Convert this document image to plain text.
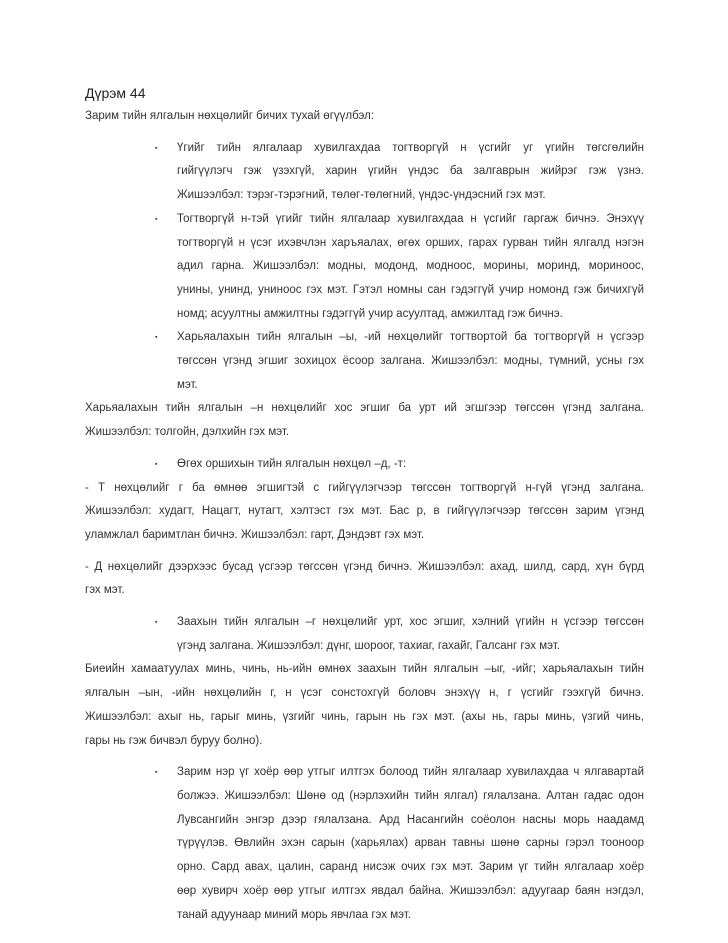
Дүрэм 44
Зарим тийн ялгалын нөхцөлийг бичих тухай өгүүлбэл:
▪ Үгийг тийн ялгалаар хувилгахдаа тогтворгүй н үсгийг уг үгийн төгсгөлийн
гийгүүлэгч гэж үзэхгүй, харин үгийн үндэс ба залгаврын жийрэг гэж үзнэ.
Жишээлбэл: тэрэг-тэрэгний, төлөг-төлөгний, үндэс-үндэсний гэх мэт.
▪ Тогтворгүй н-тэй үгийг тийн ялгалаар хувилгахдаа н үсгийг гаргаж бичнэ. Энэхүү
тогтворгүй н үсэг ихэвчлэн харъяалах, өгөх орших, гарах гурван тийн ялгалд нэгэн
адил гарна. Жишээлбэл: модны, модонд, модноос, морины, моринд, мориноос,
унины, унинд, униноос гэх мэт. Гэтэл номны сан гэдэггүй учир номонд гэж бичихгүй
номд; асуултны амжилтны гэдэггүй учир асуултад, амжилтад гэж бичнэ.
▪ Харьяалахын тийн ялгалын –ы, -ий нөхцөлийг тогтвортой ба тогтворгүй н үсгээр
төгссөн үгэнд эгшиг зохицох ёсоор залгана. Жишээлбэл: модны, түмний, усны гэх
мэт.
Харьяалахын тийн ялгалын –н нөхцөлийг хос эгшиг ба урт ий эгшгээр төгссөн үгэнд залгана.
Жишээлбэл: толгойн, дэлхийн гэх мэт.
▪ Өгөх оршихын тийн ялгалын нөхцөл –д, -т:
- Т нөхцөлийг г ба өмнөө эгшигтэй с гийгүүлэгчээр төгссөн тогтворгүй н-гүй үгэнд залгана.
Жишээлбэл: худагт, Нацагт, нутагт, хэлтэст гэх мэт. Бас р, в гийгүүлэгчээр төгссөн зарим үгэнд
уламжлал баримтлан бичнэ. Жишээлбэл: гарт, Дэндэвт гэх мэт.
- Д нөхцөлийг дээрхээс бусад үсгээр төгссөн үгэнд бичнэ. Жишээлбэл: ахад, шилд, сард, хүн бүрд
гэх мэт.
▪ Заахын тийн ялгалын –г нөхцөлийг урт, хос эгшиг, хэлний үгийн н үсгээр төгссөн
үгэнд залгана. Жишээлбэл: дүнг, шороог, тахиаг, гахайг, Галсанг гэх мэт.
Биеийн хамаатуулах минь, чинь, нь-ийн өмнөх заахын тийн ялгалын –ыг, -ийг; харьяалахын тийн
ялгалын –ын, -ийн нөхцөлийн г, н үсэг сонстохгүй боловч энэхүү н, г үсгийг гээхгүй бичнэ.
Жишээлбэл: ахыг нь, гарыг минь, үзгийг чинь, гарын нь гэх мэт. (ахы нь, гары минь, үзгий чинь,
гары нь гэж бичвэл буруу болно).
▪ Зарим нэр үг хоёр өөр утгыг илтгэх болоод тийн ялгалаар хувилахдаа ч ялгавартай
болжээ. Жишээлбэл: Шөнө од (нэрлэхийн тийн ялгал) гялалзана. Алтан гадас одон
Лувсангийн энгэр дээр гялалзана. Ард Насангийн соёолон насны морь наадамд
түрүүлэв. Өвлийн эхэн сарын (харьялах) арван тавны шөнө сарны гэрэл тооноор
орно. Сард авах, цалин, саранд нисэж очих гэх мэт. Зарим үг тийн ялгалаар хоёр
өөр хувирч хоёр өөр утгыг илтгэх явдал байна. Жишээлбэл: адуугаар баян нэгдэл,
танай адуунаар миний морь явчлаа гэх мэт.
